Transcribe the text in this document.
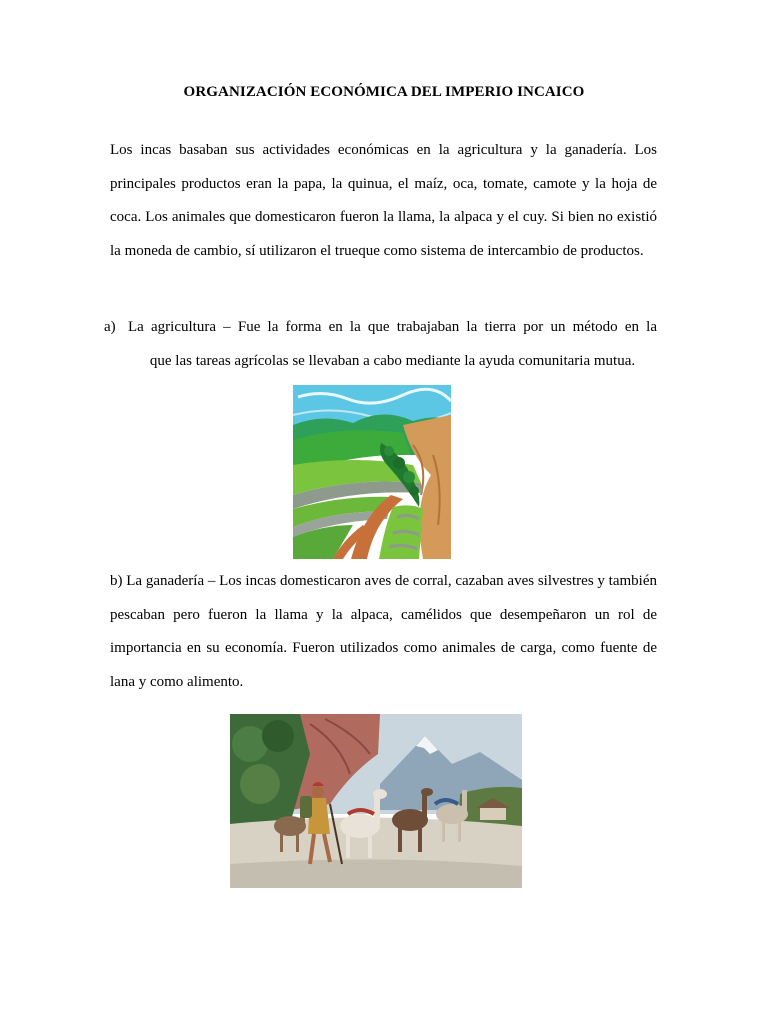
ORGANIZACIÓN ECONÓMICA DEL IMPERIO INCAICO
Los incas basaban sus actividades económicas en la agricultura y la ganadería. Los principales productos eran la papa, la quinua, el maíz, oca, tomate, camote y la hoja de coca. Los animales que domesticaron fueron la llama, la alpaca y el cuy. Si bien no existió la moneda de cambio, sí utilizaron el trueque como sistema de intercambio de productos.
a) La agricultura – Fue la forma en la que trabajaban la tierra por un método en la
que las tareas agrícolas se llevaban a cabo mediante la ayuda comunitaria mutua.
b) La ganadería – Los incas domesticaron aves de corral, cazaban aves silvestres y también pescaban pero fueron la llama y la alpaca, camélidos que desempeñaron un rol de importancia en su economía. Fueron utilizados como animales de carga, como fuente de lana y como alimento.
